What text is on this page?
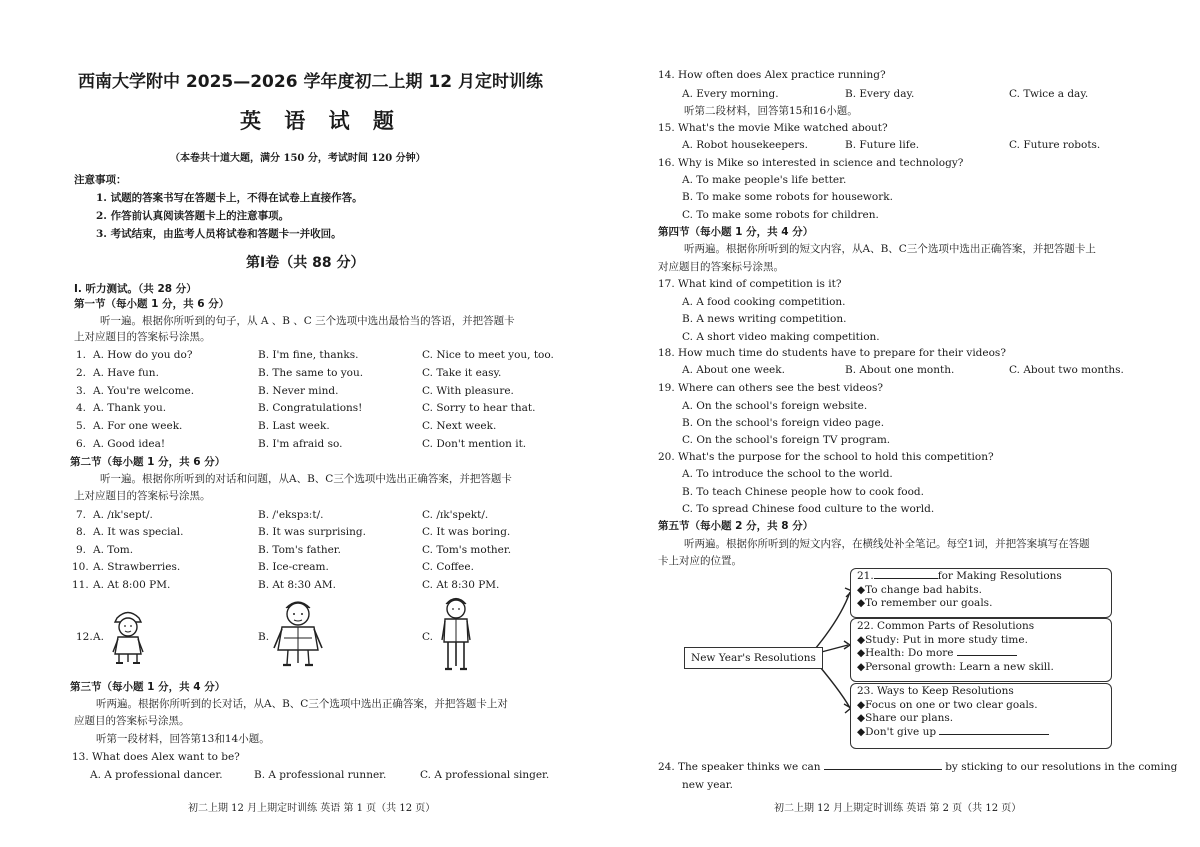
西南大学附中 2025—2026 学年度初二上期 12 月定时训练
英 语 试 题
（本卷共十道大题，满分 150 分，考试时间 120 分钟）
注意事项：
1. 试题的答案书写在答题卡上，不得在试卷上直接作答。
2. 作答前认真阅读答题卡上的注意事项。
3. 考试结束，由监考人员将试卷和答题卡一并收回。
第Ⅰ卷（共 88 分）
I. 听力测试。（共 28 分）
第一节（每小题 1 分，共 6 分）
听一遍。根据你所听到的句子，从 A 、B 、C 三个选项中选出最恰当的答语，并把答题卡
上对应题目的答案标号涂黑。
1. A. How do you do?	B. I'm fine, thanks.	C. Nice to meet you, too.
2. A. Have fun.	B. The same to you.	C. Take it easy.
3. A. You're welcome.	B. Never mind.	C. With pleasure.
4. A. Thank you.	B. Congratulations!	C. Sorry to hear that.
5. A. For one week.	B. Last week.	C. Next week.
6. A. Good idea!	B. I'm afraid so.	C. Don't mention it.
第二节（每小题 1 分，共 6 分）
听一遍。根据你所听到的对话和问题，从A、B、C三个选项中选出正确答案，并把答题卡
上对应题目的答案标号涂黑。
7. A. /ɪk'sept/.	B. /'ekspɜːt/.	C. /ɪk'spekt/.
8. A. It was special.	B. It was surprising.	C. It was boring.
9. A. Tom.	B. Tom's father.	C. Tom's mother.
10. A. Strawberries.	B. Ice-cream.	C. Coffee.
11. A. At 8:00 PM.	B. At 8:30 AM.	C. At 8:30 PM.
12. A.	B.	C.
第三节（每小题 1 分，共 4 分）
听两遍。根据你所听到的长对话，从A、B、C三个选项中选出正确答案，并把答题卡上对
应题目的答案标号涂黑。
听第一段材料，回答第13和14小题。
13. What does Alex want to be?
A. A professional dancer.	B. A professional runner.	C. A professional singer.
初二上期 12 月上期定时训练 英语 第 1 页（共 12 页）
14. How often does Alex practice running?
A. Every morning.	B. Every day.	C. Twice a day.
听第二段材料，回答第15和16小题。
15. What's the movie Mike watched about?
A. Robot housekeepers.	B. Future life.	C. Future robots.
16. Why is Mike so interested in science and technology?
A. To make people's life better.
B. To make some robots for housework.
C. To make some robots for children.
第四节（每小题 1 分，共 4 分）
听两遍。根据你所听到的短文内容，从A、B、C三个选项中选出正确答案，并把答题卡上
对应题目的答案标号涂黑。
17. What kind of competition is it?
A. A food cooking competition.
B. A news writing competition.
C. A short video making competition.
18. How much time do students have to prepare for their videos?
A. About one week.	B. About one month.	C. About two months.
19. Where can others see the best videos?
A. On the school's foreign website.
B. On the school's foreign video page.
C. On the school's foreign TV program.
20. What's the purpose for the school to hold this competition?
A. To introduce the school to the world.
B. To teach Chinese people how to cook food.
C. To spread Chinese food culture to the world.
第五节（每小题 2 分，共 8 分）
听两遍。根据你所听到的短文内容，在横线处补全笔记。每空1词，并把答案填写在答题
卡上对应的位置。
New Year's Resolutions
21.	for Making Resolutions
◆To change bad habits.
◆To remember our goals.
22. Common Parts of Resolutions
◆Study: Put in more study time.
◆Health: Do more
◆Personal growth: Learn a new skill.
23. Ways to Keep Resolutions
◆Focus on one or two clear goals.
◆Share our plans.
◆Don't give up
24. The speaker thinks we can	by sticking to our resolutions in the coming
new year.
初二上期 12 月上期定时训练 英语 第 2 页（共 12 页）
